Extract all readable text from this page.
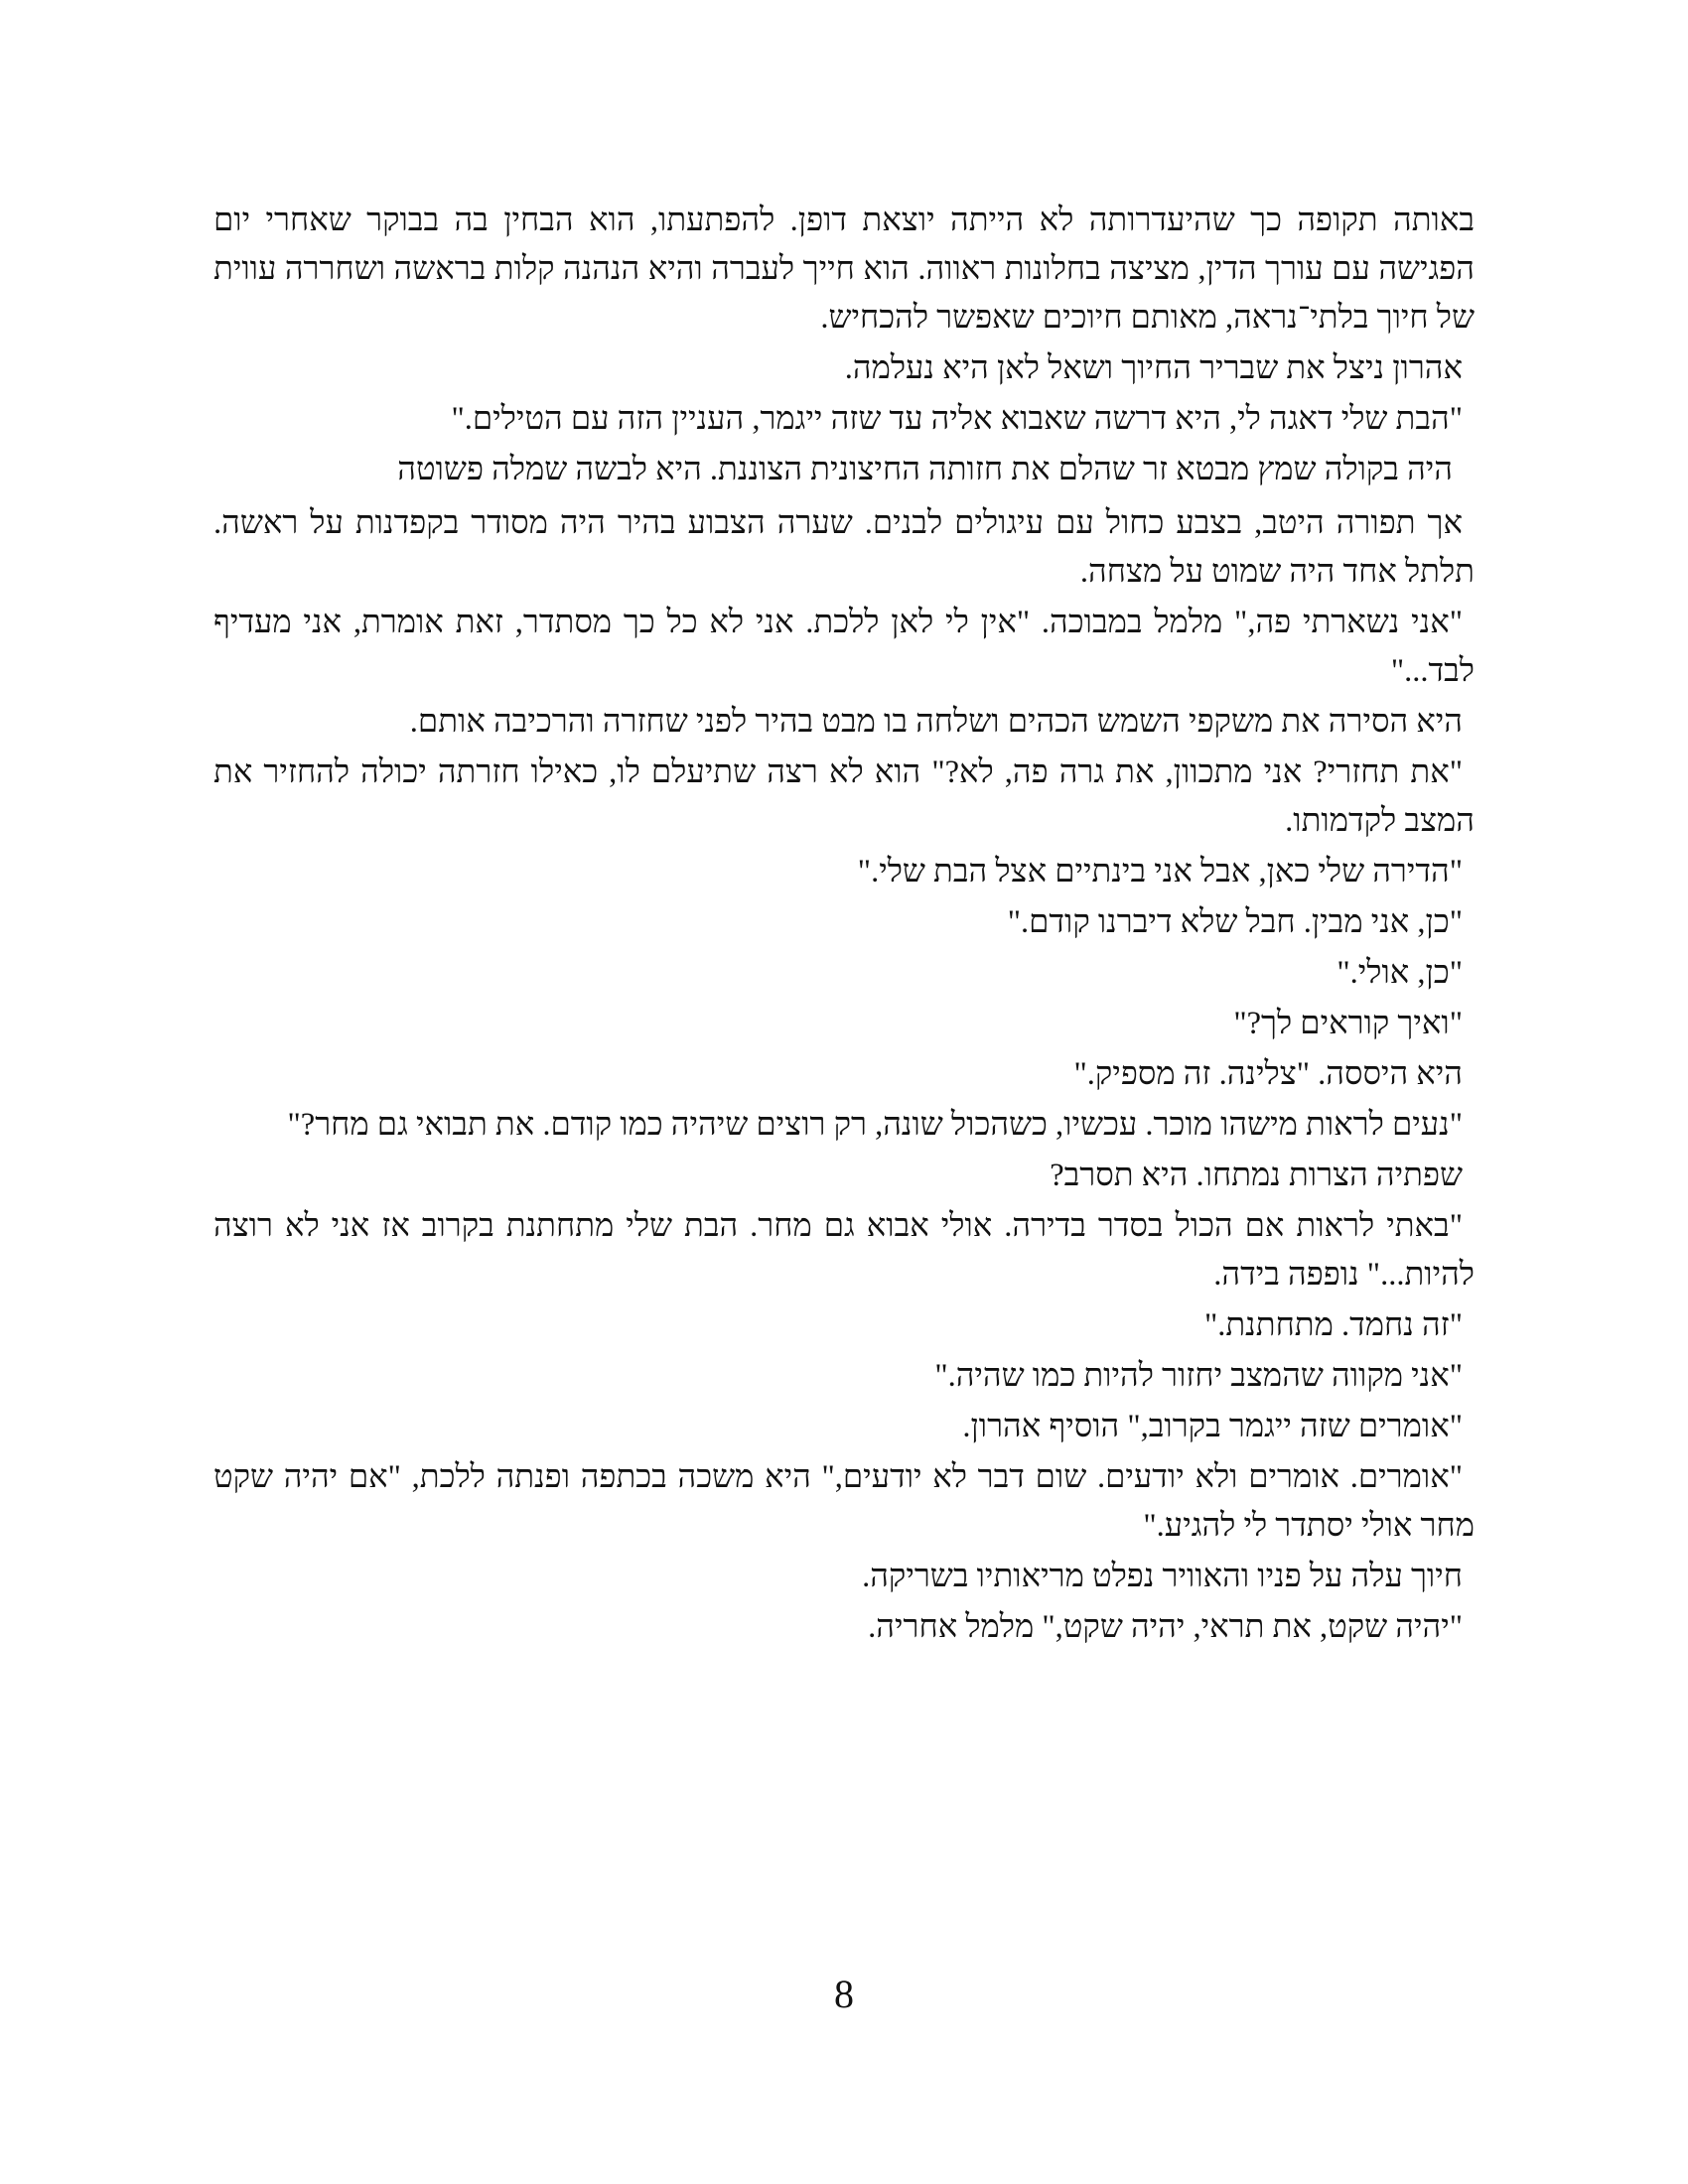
באותה תקופה כך שהיעדרותה לא הייתה יוצאת דופן. להפתעתו, הוא הבחין בה בבוקר שאחרי יום הפגישה עם עורך הדין, מציצה בחלונות ראווה. הוא חייך לעברה והיא הנהנה קלות בראשה ושחררה עווית של חיוך בלתי־נראה, מאותם חיוכים שאפשר להכחיש.

אהרון ניצל את שבריר החיוך ושאל לאן היא נעלמה.

"הבת שלי דאגה לי, היא דרשה שאבוא אליה עד שזה ייגמר, העניין הזה עם הטילים."

היה בקולה שמץ מבטא זר שהלם את חזותה החיצונית הצוננת. היא לבשה שמלה פשוטה

אך תפורה היטב, בצבע כחול עם עיגולים לבנים. שערה הצבוע בהיר היה מסודר בקפדנות על ראשה. תלתל אחד היה שמוט על מצחה.

"אני נשארתי פה," מלמל במבוכה. "אין לי לאן ללכת. אני לא כל כך מסתדר, זאת אומרת, אני מעדיף לבד..."

היא הסירה את משקפי השמש הכהים ושלחה בו מבט בהיר לפני שחזרה והרכיבה אותם.

"את תחזרי? אני מתכוון, את גרה פה, לא?" הוא לא רצה שתיעלם לו, כאילו חזרתה יכולה להחזיר את המצב לקדמותו.

"הדירה שלי כאן, אבל אני בינתיים אצל הבת שלי."

"כן, אני מבין. חבל שלא דיברנו קודם."

"כן, אולי."

"ואיך קוראים לך?"

היא היססה. "צלינה. זה מספיק."

"נעים לראות מישהו מוכר. עכשיו, כשהכול שונה, רק רוצים שיהיה כמו קודם. את תבואי גם מחר?"

שפתיה הצרות נמתחו. היא תסרב?

"באתי לראות אם הכול בסדר בדירה. אולי אבוא גם מחר. הבת שלי מתחתנת בקרוב אז אני לא רוצה להיות..." נופפה בידה.

"זה נחמד. מתחתנת."

"אני מקווה שהמצב יחזור להיות כמו שהיה."

"אומרים שזה ייגמר בקרוב," הוסיף אהרון.

"אומרים. אומרים ולא יודעים. שום דבר לא יודעים," היא משכה בכתפה ופנתה ללכת, "אם יהיה שקט מחר אולי יסתדר לי להגיע."

חיוך עלה על פניו והאוויר נפלט מריאותיו בשריקה.

"יהיה שקט, את תראי, יהיה שקט," מלמל אחריה.

8
